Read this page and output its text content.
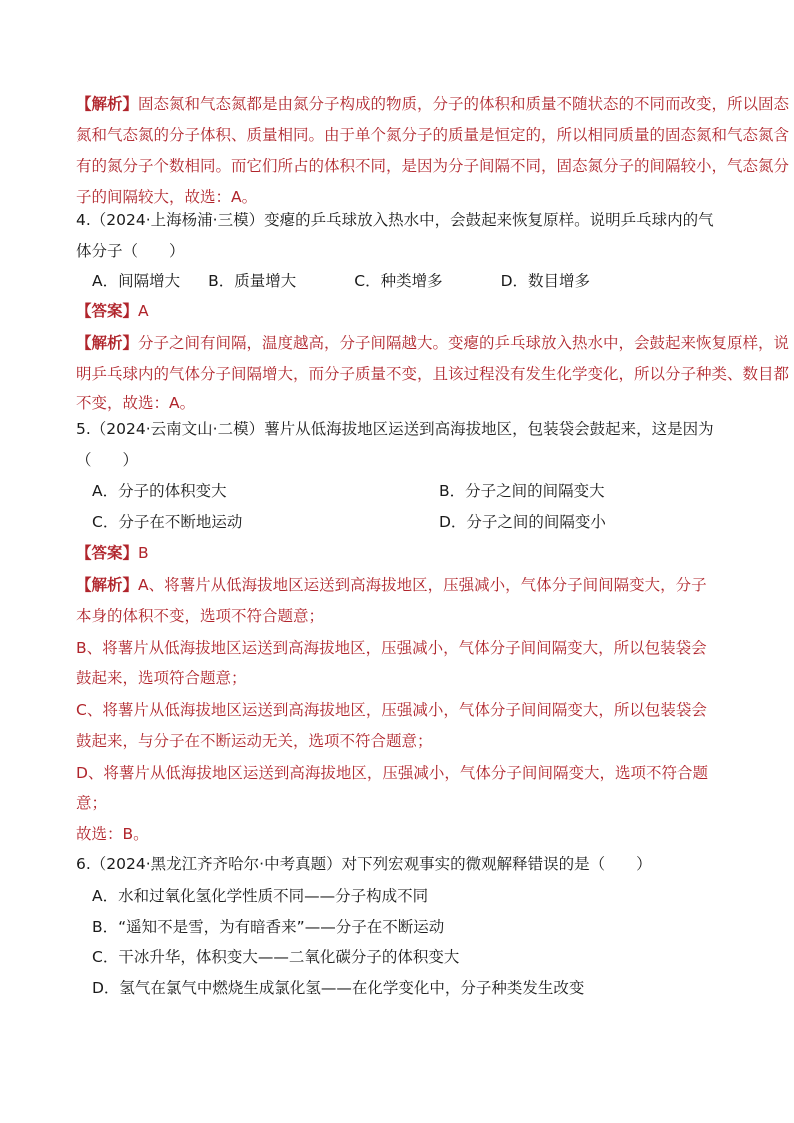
【解析】固态氮和气态氮都是由氮分子构成的物质，分子的体积和质量不随状态的不同而改变，所以固态
氮和气态氮的分子体积、质量相同。由于单个氮分子的质量是恒定的，所以相同质量的固态氮和气态氮含
有的氮分子个数相同。而它们所占的体积不同，是因为分子间隔不同，固态氮分子的间隔较小，气态氮分
子的间隔较大，故选：A。
4.（2024·上海杨浦·三模）变瘪的乒乓球放入热水中，会鼓起来恢复原样。说明乒乓球内的气
体分子（　　）
A．间隔增大 B．质量增大	C．种类增多	D．数目增多
【答案】A
【解析】分子之间有间隔，温度越高，分子间隔越大。变瘪的乒乓球放入热水中，会鼓起来恢复原样，说
明乒乓球内的气体分子间隔增大，而分子质量不变，且该过程没有发生化学变化，所以分子种类、数目都
不变，故选：A。
5.（2024·云南文山·二模）薯片从低海拔地区运送到高海拔地区，包装袋会鼓起来，这是因为
（　　）
A．分子的体积变大	B．分子之间的间隔变大
C．分子在不断地运动	D．分子之间的间隔变小
【答案】B
【解析】A、将薯片从低海拔地区运送到高海拔地区，压强减小，气体分子间间隔变大，分子
本身的体积不变，选项不符合题意；
B、将薯片从低海拔地区运送到高海拔地区，压强减小，气体分子间间隔变大，所以包装袋会
鼓起来，选项符合题意；
C、将薯片从低海拔地区运送到高海拔地区，压强减小，气体分子间间隔变大，所以包装袋会
鼓起来，与分子在不断运动无关，选项不符合题意；
D、将薯片从低海拔地区运送到高海拔地区，压强减小，气体分子间间隔变大，选项不符合题
意；
故选：B。
6.（2024·黑龙江齐齐哈尔·中考真题）对下列宏观事实的微观解释错误的是（　　）
A．水和过氧化氢化学性质不同——分子构成不同
B．“遥知不是雪，为有暗香来”——分子在不断运动
C．干冰升华，体积变大——二氧化碳分子的体积变大
D．氢气在氯气中燃烧生成氯化氢——在化学变化中，分子种类发生改变
